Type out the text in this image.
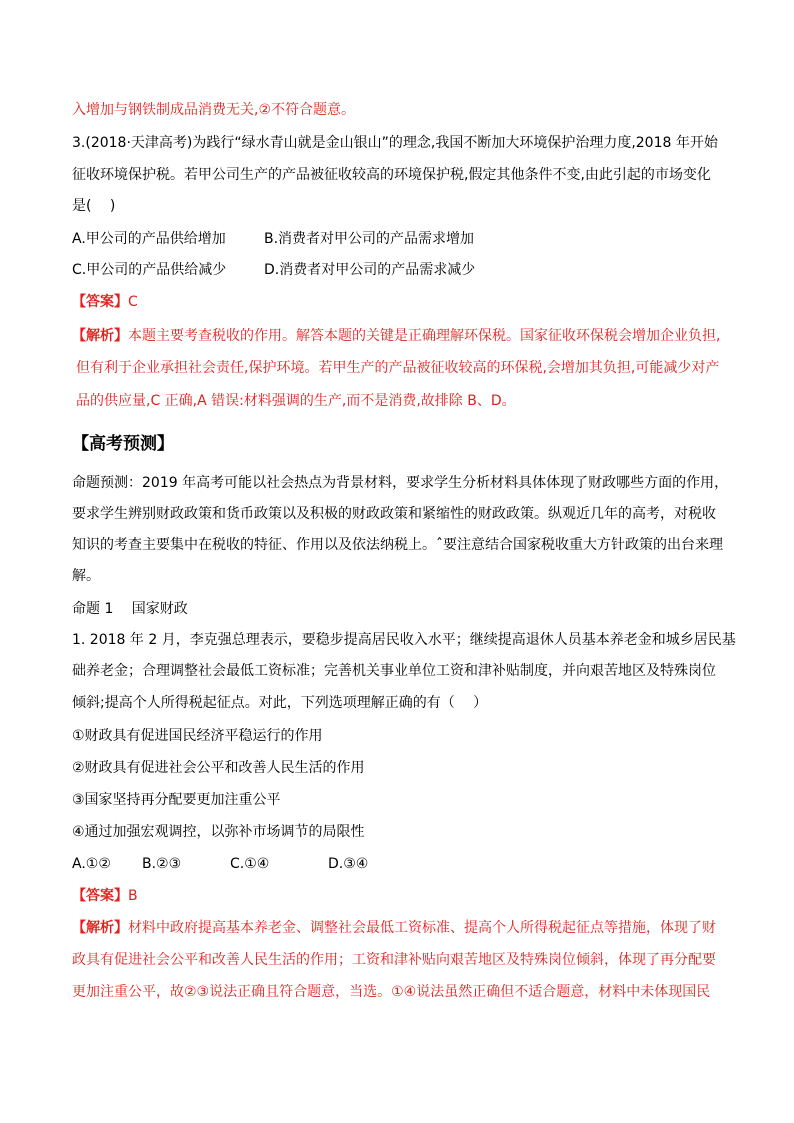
入增加与钢铁制成品消费无关,②不符合题意。
3.(2018·天津高考)为践行“绿水青山就是金山银山”的理念,我国不断加大环境保护治理力度,2018 年开始
征收环境保护税。若甲公司生产的产品被征收较高的环境保护税,假定其他条件不变,由此引起的市场变化
是(　 )
A.甲公司的产品供给增加	B.消费者对甲公司的产品需求增加
C.甲公司的产品供给减少	D.消费者对甲公司的产品需求减少
【答案】C
【解析】本题主要考查税收的作用。解答本题的关键是正确理解环保税。国家征收环保税会增加企业负担,
但有利于企业承担社会责任,保护环境。若甲生产的产品被征收较高的环保税,会增加其负担,可能减少对产
品的供应量,C 正确,A 错误:材料强调的生产,而不是消费,故排除 B、D。
【高考预测】
命题预测：2019 年高考可能以社会热点为背景材料，要求学生分析材料具体体现了财政哪些方面的作用，
要求学生辨别财政政策和货币政策以及积极的财政政策和紧缩性的财政政策。纵观近几年的高考，对税收
知识的考查主要集中在税收的特征、作用以及依法纳税上。ˆ要注意结合国家税收重大方针政策的出台来理
解。
命题 1　 国家财政
1. 2018 年 2 月，李克强总理表示，要稳步提高居民收入水平；继续提高退休人员基本养老金和城乡居民基
础养老金；合理调整社会最低工资标准；完善机关事业单位工资和津补贴制度，并向艰苦地区及特殊岗位
倾斜;提高个人所得税起征点。对此，下列选项理解正确的有（　 ）
①财政具有促进国民经济平稳运行的作用
②财政具有促进社会公平和改善人民生活的作用
③国家坚持再分配要更加注重公平
④通过加强宏观调控，以弥补市场调节的局限性
A.①② B.②③	C.①④	D.③④
【答案】B
【解析】材料中政府提高基本养老金、调整社会最低工资标准、提高个人所得税起征点等措施，体现了财
政具有促进社会公平和改善人民生活的作用；工资和津补贴向艰苦地区及特殊岗位倾斜，体现了再分配要
更加注重公平，故②③说法正确且符合题意，当选。①④说法虽然正确但不适合题意，材料中未体现国民
